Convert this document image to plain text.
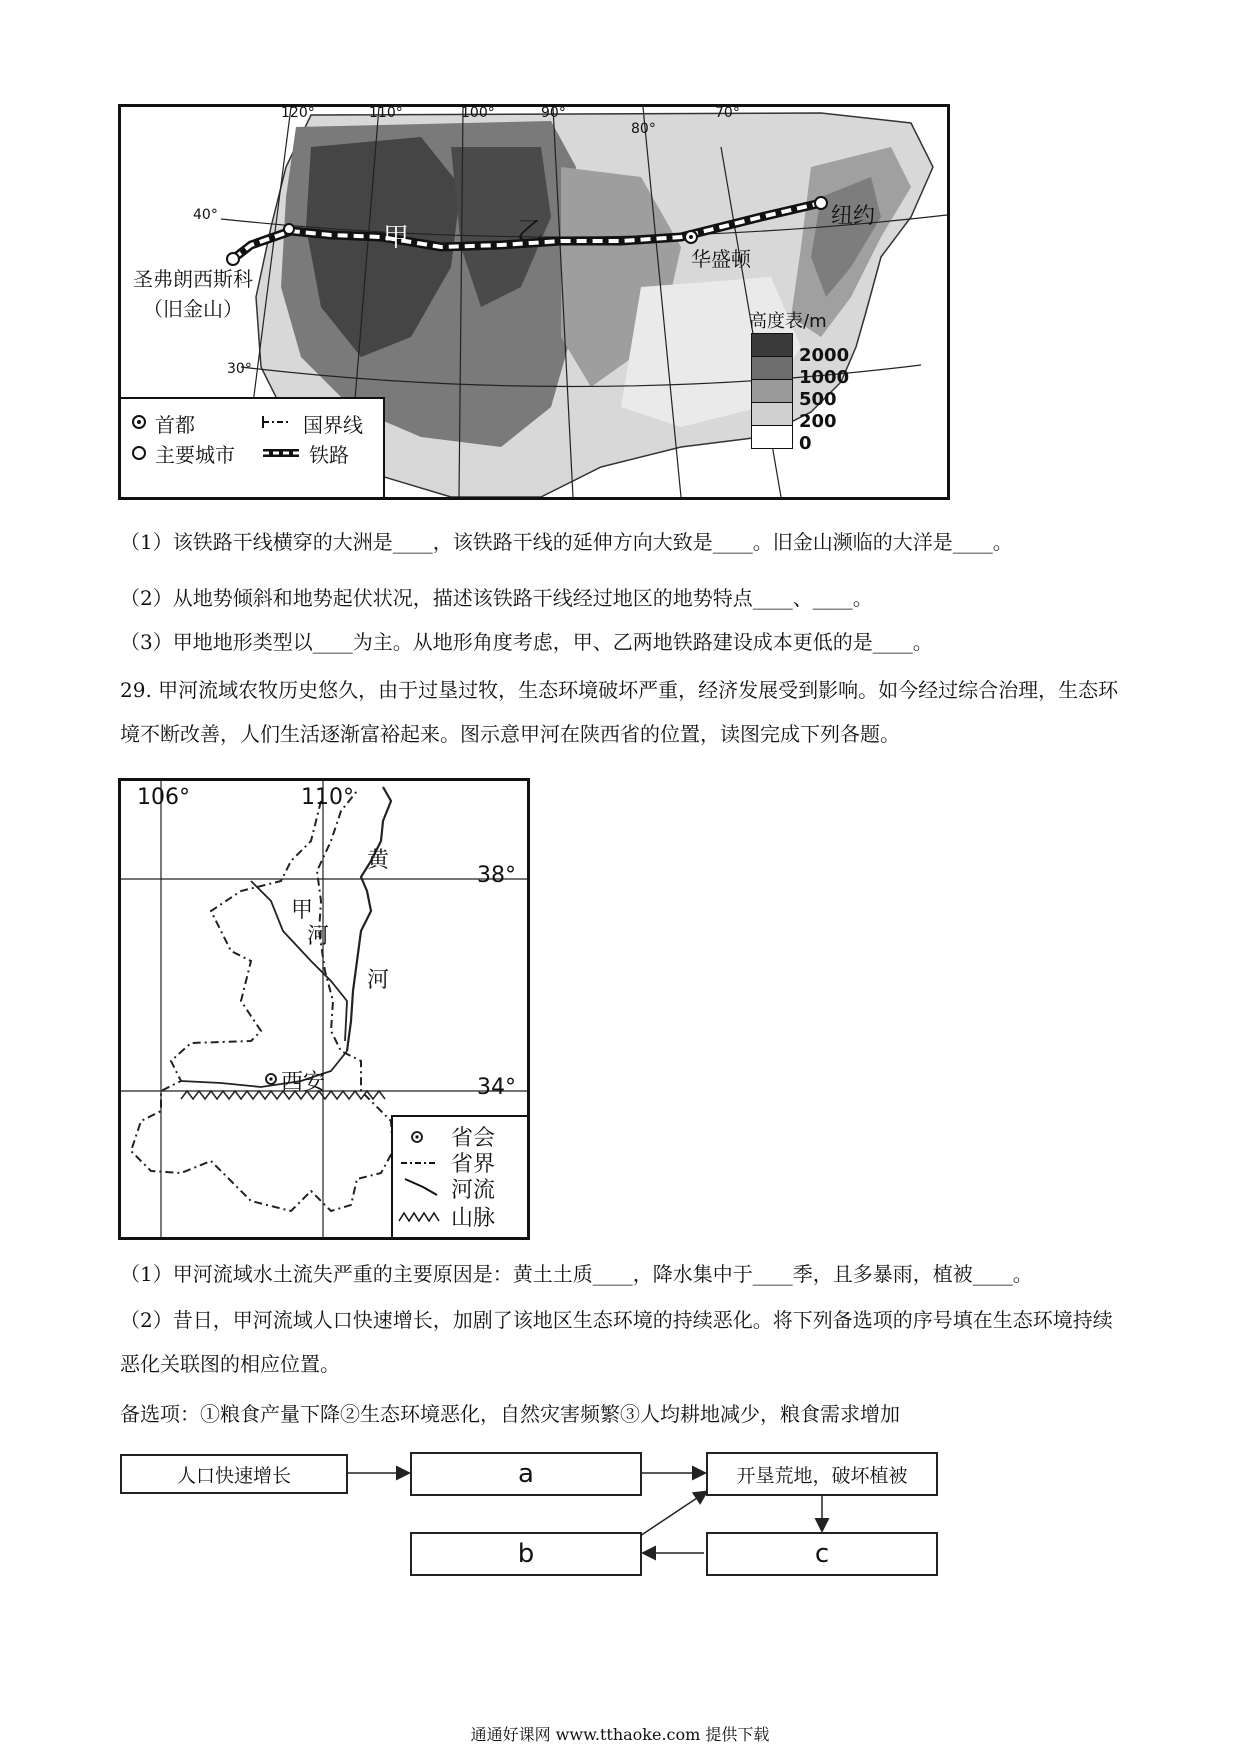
120°	110°	100°	90°
80°
70°
40°
30°
甲	乙
纽约
华盛顿
高度表/m
2000
1000
500
200
0
首都
主要城市
国界线
铁路
圣弗朗西斯科
（旧金山）
（1）该铁路干线横穿的大洲是____，该铁路干线的延伸方向大致是____。旧金山濒临的大洋是____。
（2）从地势倾斜和地势起伏状况，描述该铁路干线经过地区的地势特点____、____。
（3）甲地地形类型以____为主。从地形角度考虑，甲、乙两地铁路建设成本更低的是____。
29. 甲河流域农牧历史悠久，由于过垦过牧，生态环境破坏严重，经济发展受到影响。如今经过综合治理，生态环境不断改善，人们生活逐渐富裕起来。图示意甲河在陕西省的位置，读图完成下列各题。
106°	110°
38°
34°
黄
河
甲
河
西安
省会
省界
河流
山脉
（1）甲河流域水土流失严重的主要原因是：黄土土质____，降水集中于____季，且多暴雨，植被____。
（2）昔日，甲河流域人口快速增长，加剧了该地区生态环境的持续恶化。将下列备选项的序号填在生态环境持续恶化关联图的相应位置。
备选项：①粮食产量下降②生态环境恶化，自然灾害频繁③人均耕地减少，粮食需求增加
人口快速增长	a	开垦荒地，破坏植被
b	c
通通好课网 www.tthaoke.com 提供下载
